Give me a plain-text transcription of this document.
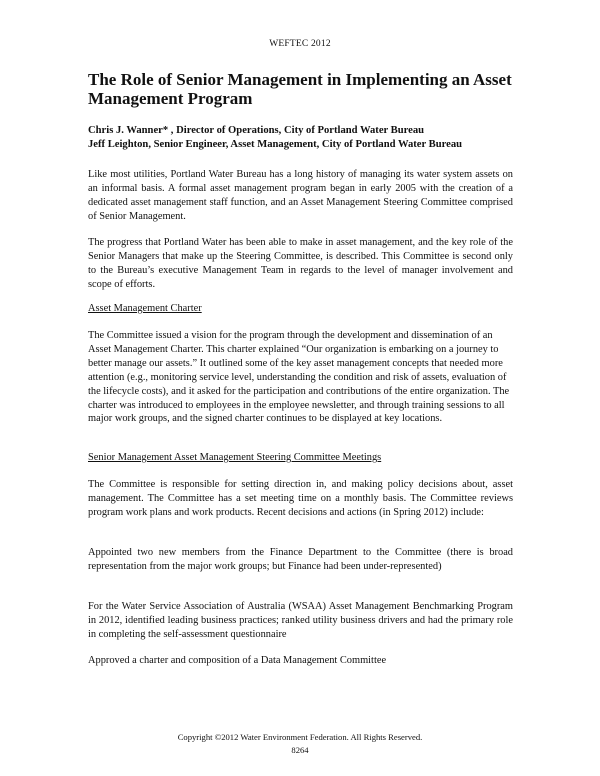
WEFTEC 2012
The Role of Senior Management in Implementing an Asset
Management Program
Chris J. Wanner* , Director of Operations, City of Portland Water Bureau
Jeff Leighton, Senior Engineer, Asset Management, City of Portland Water Bureau

Like most utilities, Portland Water Bureau has a long history of managing its water system assets on an informal basis. A formal asset management program began in early 2005 with the creation of a dedicated asset management staff function, and an Asset Management Steering Committee comprised of Senior Management.

The progress that Portland Water has been able to make in asset management, and the key role of the Senior Managers that make up the Steering Committee, is described. This Committee is second only to the Bureau’s executive Management Team in regards to the level of manager involvement and scope of efforts.

Asset Management Charter

The Committee issued a vision for the program through the development and dissemination of an Asset Management Charter. This charter explained “Our organization is embarking on a journey to better manage our assets.” It outlined some of the key asset management concepts that needed more attention (e.g., monitoring service level, understanding the condition and risk of assets, evaluation of the lifecycle costs), and it asked for the participation and contributions of the entire organization. The charter was introduced to employees in the employee newsletter, and through training sessions to all major work groups, and the signed charter continues to be displayed at key locations.

Senior Management Asset Management Steering Committee Meetings

The Committee is responsible for setting direction in, and making policy decisions about, asset management. The Committee has a set meeting time on a monthly basis. The Committee reviews program work plans and work products. Recent decisions and actions (in Spring 2012) include:

Appointed two new members from the Finance Department to the Committee (there is broad representation from the major work groups; but Finance had been under-represented)

For the Water Service Association of Australia (WSAA) Asset Management Benchmarking Program in 2012, identified leading business practices; ranked utility business drivers and had the primary role in completing the self-assessment questionnaire

Approved a charter and composition of a Data Management Committee

Copyright ©2012 Water Environment Federation. All Rights Reserved.
8264
